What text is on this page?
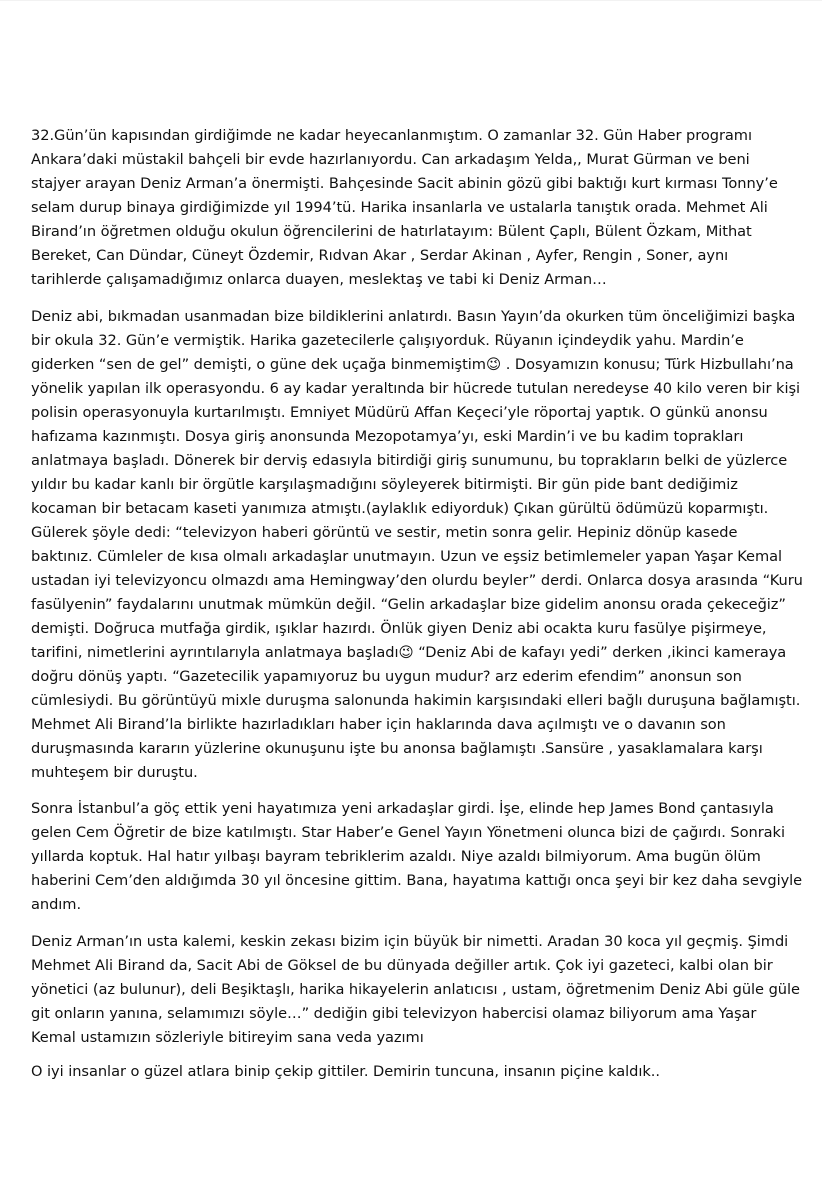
32.Gün’ün kapısından girdiğimde ne kadar heyecanlanmıştım. O zamanlar 32. Gün Haber programı Ankara’daki müstakil bahçeli bir evde hazırlanıyordu. Can arkadaşım Yelda,, Murat Gürman ve beni stajyer arayan Deniz Arman’a önermişti. Bahçesinde Sacit abinin gözü gibi baktığı kurt kırması Tonny’e selam durup binaya girdiğimizde yıl 1994’tü. Harika insanlarla ve ustalarla tanıştık orada. Mehmet Ali Birand’ın öğretmen olduğu okulun öğrencilerini de hatırlatayım: Bülent Çaplı, Bülent Özkam, Mithat Bereket, Can Dündar, Cüneyt Özdemir, Rıdvan Akar , Serdar Akinan , Ayfer, Rengin , Soner, aynı tarihlerde çalışamadığımız onlarca duayen, meslektaş ve tabi ki Deniz Arman…

Deniz abi, bıkmadan usanmadan bize bildiklerini anlatırdı. Basın Yayın’da okurken tüm önceliğimizi başka bir okula 32. Gün’e vermiştik. Harika gazetecilerle çalışıyorduk. Rüyanın içindeydik yahu. Mardin’e giderken “sen de gel” demişti, o güne dek uçağa binmemiştim😉 . Dosyamızın konusu; Türk Hizbullahı’na yönelik yapılan ilk operasyondu. 6 ay kadar yeraltında bir hücrede tutulan neredeyse 40 kilo veren bir kişi polisin operasyonuyla kurtarılmıştı. Emniyet Müdürü Affan Keçeci’yle röportaj yaptık. O günkü anonsu hafızama kazınmıştı. Dosya giriş anonsunda Mezopotamya’yı, eski Mardin’i ve bu kadim toprakları anlatmaya başladı. Dönerek bir derviş edasıyla bitirdiği giriş sunumunu, bu toprakların belki de yüzlerce yıldır bu kadar kanlı bir örgütle karşılaşmadığını söyleyerek bitirmişti. Bir gün pide bant dediğimiz kocaman bir betacam kaseti yanımıza atmıştı.(aylaklık ediyorduk) Çıkan gürültü ödümüzü koparmıştı. Gülerek şöyle dedi: “televizyon haberi görüntü ve sestir, metin sonra gelir. Hepiniz dönüp kasede baktınız. Cümleler de kısa olmalı arkadaşlar unutmayın. Uzun ve eşsiz betimlemeler yapan Yaşar Kemal ustadan iyi televizyoncu olmazdı ama Hemingway’den olurdu beyler” derdi. Onlarca dosya arasında “Kuru fasülyenin” faydalarını unutmak mümkün değil. “Gelin arkadaşlar bize gidelim anonsu orada çekeceğiz” demişti. Doğruca mutfağa girdik, ışıklar hazırdı. Önlük giyen Deniz abi ocakta kuru fasülye pişirmeye, tarifini, nimetlerini ayrıntılarıyla anlatmaya başladı😉 “Deniz Abi de kafayı yedi” derken ,ikinci kameraya doğru dönüş yaptı. “Gazetecilik yapamıyoruz bu uygun mudur? arz ederim efendim” anonsun son cümlesiydi. Bu görüntüyü mixle duruşma salonunda hakimin karşısındaki elleri bağlı duruşuna bağlamıştı. Mehmet Ali Birand’la birlikte hazırladıkları haber için haklarında dava açılmıştı ve o davanın son duruşmasında kararın yüzlerine okunuşunu işte bu anonsa bağlamıştı .Sansüre , yasaklamalara karşı muhteşem bir duruştu.

Sonra İstanbul’a göç ettik yeni hayatımıza yeni arkadaşlar girdi. İşe, elinde hep James Bond çantasıyla gelen Cem Öğretir de bize katılmıştı. Star Haber’e Genel Yayın Yönetmeni olunca bizi de çağırdı. Sonraki yıllarda koptuk. Hal hatır yılbaşı bayram tebriklerim azaldı. Niye azaldı bilmiyorum. Ama bugün ölüm haberini Cem’den aldığımda 30 yıl öncesine gittim. Bana, hayatıma kattığı onca şeyi bir kez daha sevgiyle andım.

Deniz Arman’ın usta kalemi, keskin zekası bizim için büyük bir nimetti. Aradan 30 koca yıl geçmiş. Şimdi Mehmet Ali Birand da, Sacit Abi de Göksel de bu dünyada değiller artık. Çok iyi gazeteci, kalbi olan bir yönetici (az bulunur), deli Beşiktaşlı, harika hikayelerin anlatıcısı , ustam, öğretmenim Deniz Abi güle güle git onların yanına, selamımızı söyle…” dediğin gibi televizyon habercisi olamaz biliyorum ama Yaşar Kemal ustamızın sözleriyle bitireyim sana veda yazımı

O iyi insanlar o güzel atlara binip çekip gittiler. Demirin tuncuna, insanın piçine kaldık..
